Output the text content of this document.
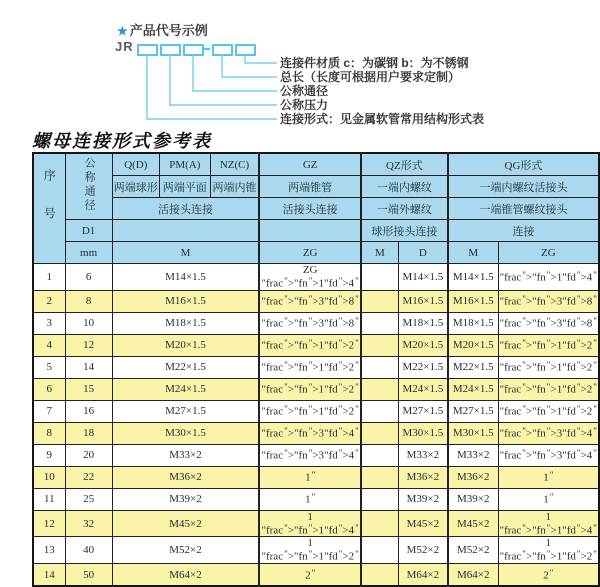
★ 产品代号示例
JR
连接件材质 c：为碳钢 b：为不锈钢
总长（长度可根据用户要求定制）
公称通径
公称压力
连接形式：见金属软管常用结构形式表
螺母连接形式参考表
序号	公称通径	Q(D)	PM(A)	NZ(C)	GZ	QZ形式		QG形式	
		两端球形	两端平面	两端内锥	两端锥管	一端内螺纹		一端内螺纹活接头	
		活接头连接			活接头连接	一端外螺纹		一端锥管螺纹接头	
	D1					球形接头连接		连接	
	mm	M			ZG	M	D	M	ZG
1	6	M14×1.5			ZG "frac">"fn">1"fd">4"		M14×1.5	M14×1.5	"frac">"fn">1"fd">4"
2	8	M16×1.5			"frac">"fn">3"fd">8"		M16×1.5	M16×1.5	"frac">"fn">3"fd">8"
3	10	M18×1.5			"frac">"fn">3"fd">8"		M18×1.5	M18×1.5	"frac">"fn">3"fd">8"
4	12	M20×1.5			"frac">"fn">1"fd">2"		M20×1.5	M20×1.5	"frac">"fn">1"fd">2"
5	14	M22×1.5			"frac">"fn">1"fd">2"		M22×1.5	M22×1.5	"frac">"fn">1"fd">2"
6	15	M24×1.5			"frac">"fn">1"fd">2"		M24×1.5	M24×1.5	"frac">"fn">1"fd">2"
7	16	M27×1.5			"frac">"fn">1"fd">2"		M27×1.5	M27×1.5	"frac">"fn">1"fd">2"
8	18	M30×1.5			"frac">"fn">3"fd">4"		M30×1.5	M30×1.5	"frac">"fn">3"fd">4"
9	20	M33×2			"frac">"fn">3"fd">4"		M33×2	M33×2	"frac">"fn">3"fd">4"
10	22	M36×2			1"		M36×2	M36×2	1"
11	25	M39×2			1"		M39×2	M39×2	1"
12	32	M45×2			1 "frac">"fn">1"fd">4"		M45×2	M45×2	1 "frac">"fn">1"fd">4"
13	40	M52×2			1 "frac">"fn">1"fd">2"		M52×2	M52×2	1 "frac">"fn">1"fd">2"
14	50	M64×2			2"		M64×2	M64×2	2"
